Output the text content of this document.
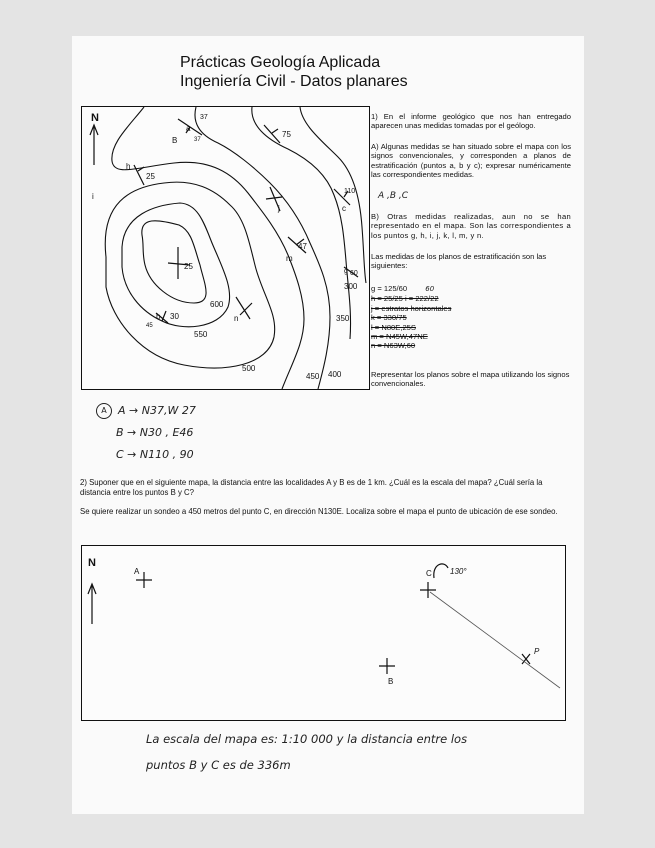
Prácticas Geología Aplicada
Ingeniería Civil - Datos planares
N
a
37
37
75
h
25
i
j
110
c
47
m
25
g 60
600
b
45
30	n
550
500
450 400
350
300
B
1) En el informe geológico que nos han entregado aparecen unas medidas tomadas por el geólogo.
A) Algunas medidas se han situado sobre el mapa con los signos convencionales, y corresponden a planos de estratificación (puntos a, b y c); expresar numéricamente las correspondientes medidas.
A ,B ,C
B) Otras medidas realizadas, aun no se han representado en el mapa. Son las correspondientes a los puntos g, h, i, j, k, l, m, y n.
Las medidas de los planos de estratificación son las siguientes:
g = 125/60	60
h = 25/25 i = 222/22
j = estratos horizontales
k = 330/75
l = N80E,25S
m = N45W,47NE
n = N63W,60
Representar los planos sobre el mapa utilizando los signos convencionales.
A	A → N37,W 27
B → N30 , E46
C → N110 , 90
2) Suponer que en el siguiente mapa, la distancia entre las localidades A y B es de 1 km. ¿Cuál es la escala del mapa? ¿Cuál sería la distancia entre los puntos B y C?
Se quiere realizar un sondeo a 450 metros del punto C, en dirección N130E. Localiza sobre el mapa el punto de ubicación de ese sondeo.
N
A
B
C
P
130°
La escala del mapa es: 1:10 000 y la distancia entre los
puntos B y C es de 336m
